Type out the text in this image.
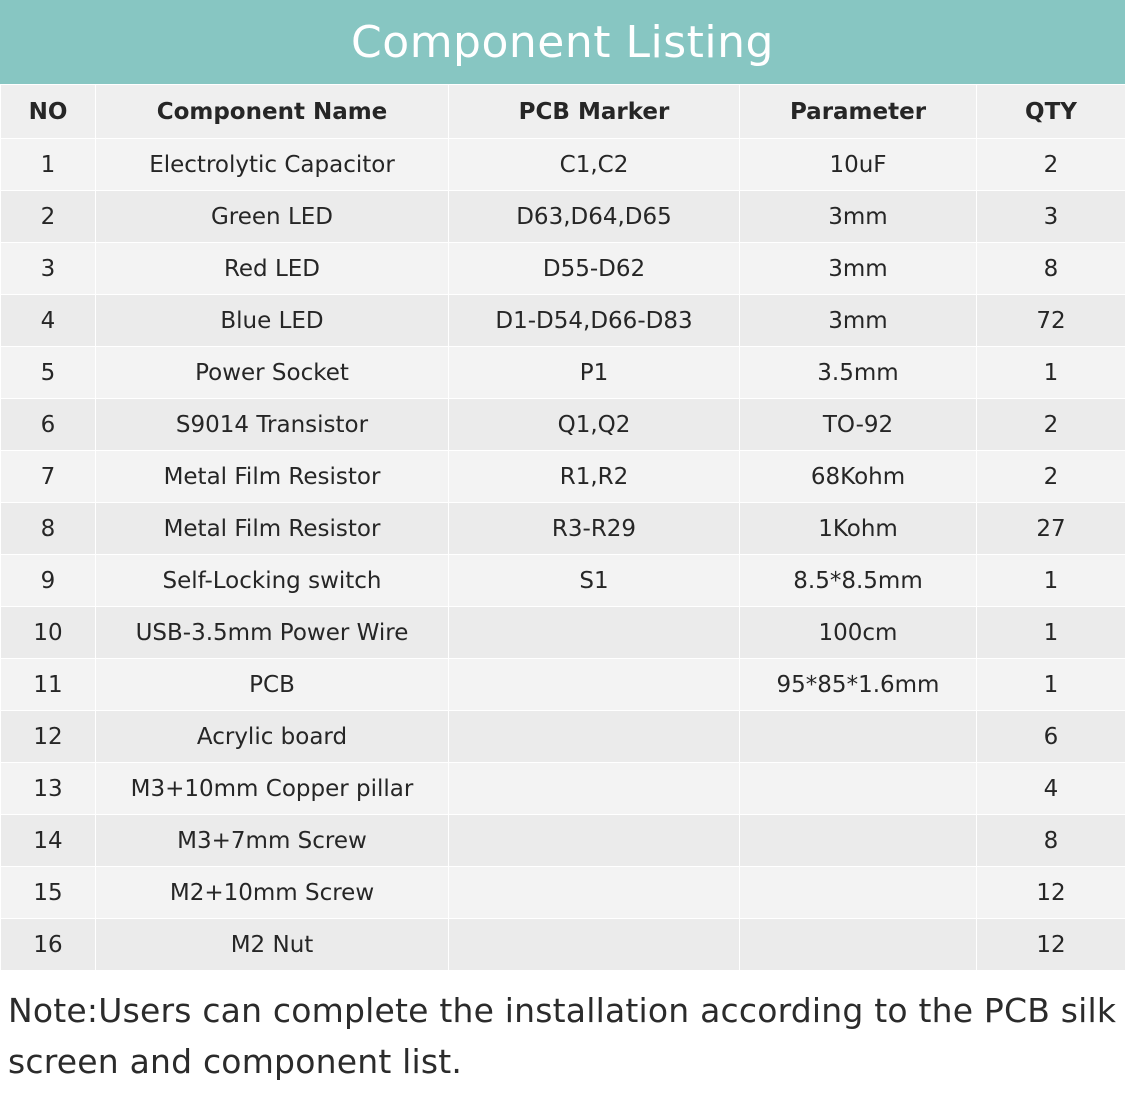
Component Listing
NO	Component Name	PCB Marker	Parameter	QTY
1	Electrolytic Capacitor	C1,C2	10uF	2
2	Green LED	D63,D64,D65	3mm	3
3	Red LED	D55-D62	3mm	8
4	Blue LED	D1-D54,D66-D83	3mm	72
5	Power Socket	P1	3.5mm	1
6	S9014 Transistor	Q1,Q2	TO-92	2
7	Metal Film Resistor	R1,R2	68Kohm	2
8	Metal Film Resistor	R3-R29	1Kohm	27
9	Self-Locking switch	S1	8.5*8.5mm	1
10	USB-3.5mm Power Wire		100cm	1
11	PCB		95*85*1.6mm	1
12	Acrylic board			6
13	M3+10mm Copper pillar			4
14	M3+7mm Screw			8
15	M2+10mm Screw			12
16	M2 Nut			12
Note:Users can complete the installation according to the PCB silk screen and component list.
